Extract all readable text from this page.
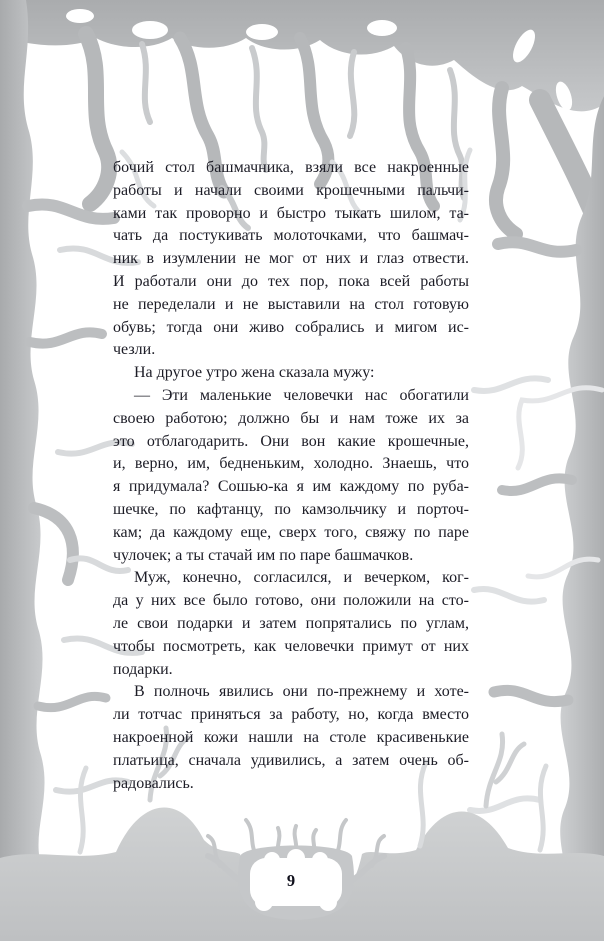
бочий стол башмачника, взяли все накроенные
работы и начали своими крошечными пальчи-
ками так проворно и быстро тыкать шилом, та-
чать да постукивать молоточками, что башмач-
ник в изумлении не мог от них и глаз отвести.
И работали они до тех пор, пока всей работы
не переделали и не выставили на стол готовую
обувь; тогда они живо собрались и мигом ис-
чезли.
На другое утро жена сказала мужу:
— Эти маленькие человечки нас обогатили
своею работою; должно бы и нам тоже их за
это отблагодарить. Они вон какие крошечные,
и, верно, им, бедненьким, холодно. Знаешь, что
я придумала? Сошью-ка я им каждому по руба-
шечке, по кафтанцу, по камзольчику и порточ-
кам; да каждому еще, сверх того, свяжу по паре
чулочек; а ты стачай им по паре башмачков.
Муж, конечно, согласился, и вечерком, ког-
да у них все было готово, они положили на сто-
ле свои подарки и затем попрятались по углам,
чтобы посмотреть, как человечки примут от них
подарки.
В полночь явились они по-прежнему и хоте-
ли тотчас приняться за работу, но, когда вместо
накроенной кожи нашли на столе красивенькие
платьица, сначала удивились, а затем очень об-
радовались.
9
